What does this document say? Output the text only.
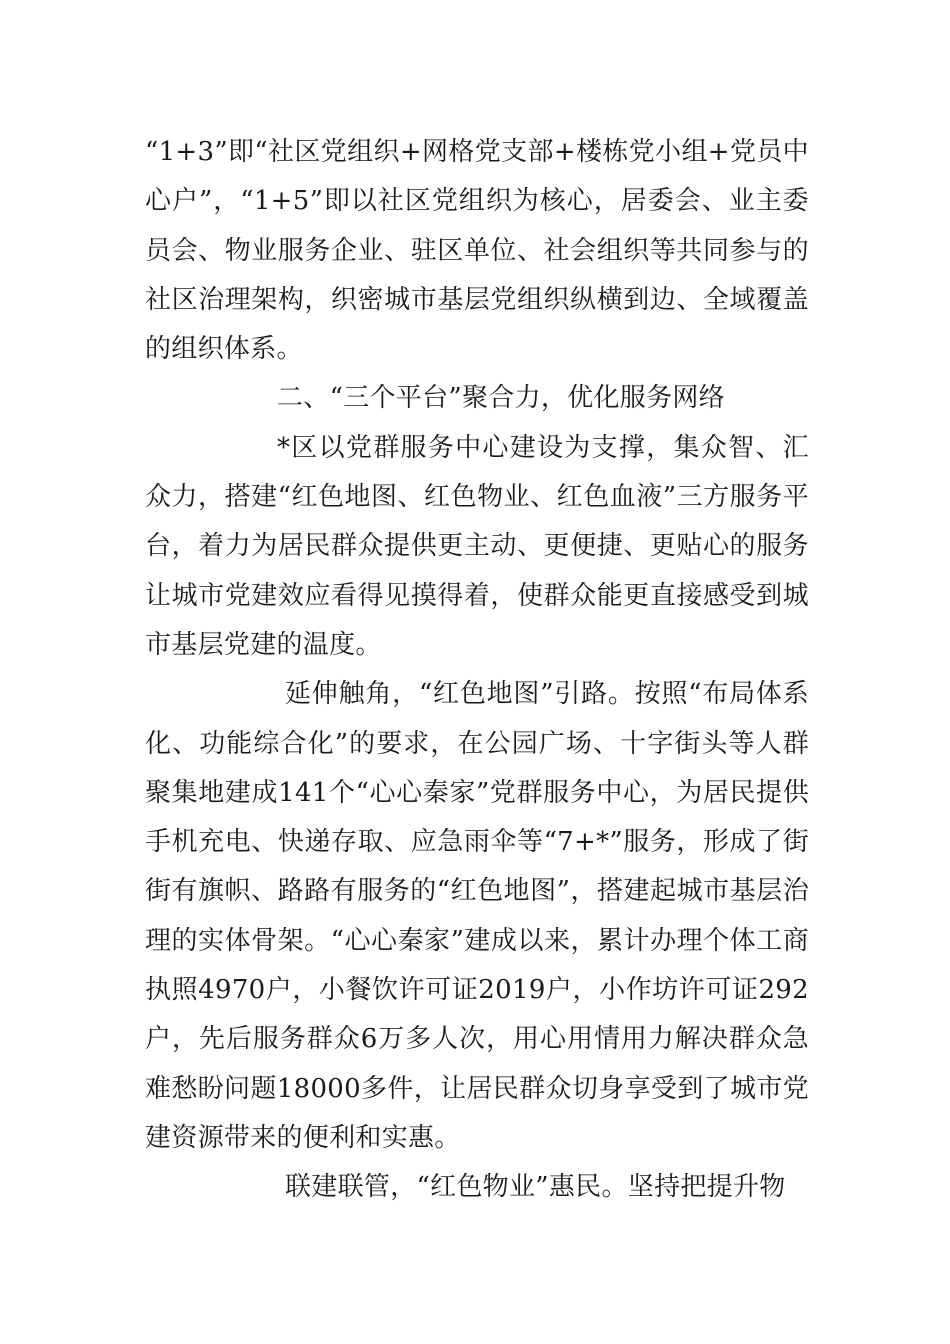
“1+3”即“社区党组织+网格党支部+楼栋党小组+党员中心户”，“1+5”即以社区党组织为核心，居委会、业主委员会、物业服务企业、驻区单位、社会组织等共同参与的社区治理架构，织密城市基层党组织纵横到边、全域覆盖的组织体系。

二、“三个平台”聚合力，优化服务网络

*区以党群服务中心建设为支撑，集众智、汇众力，搭建“红色地图、红色物业、红色血液”三方服务平台，着力为居民群众提供更主动、更便捷、更贴心的服务让城市党建效应看得见摸得着，使群众能更直接感受到城市基层党建的温度。

延伸触角，“红色地图”引路。按照“布局体系化、功能综合化”的要求，在公园广场、十字街头等人群聚集地建成141个“心心秦家”党群服务中心，为居民提供手机充电、快递存取、应急雨伞等“7+*”服务，形成了街街有旗帜、路路有服务的“红色地图”，搭建起城市基层治理的实体骨架。“心心秦家”建成以来，累计办理个体工商执照4970户，小餐饮许可证2019户，小作坊许可证292户，先后服务群众6万多人次，用心用情用力解决群众急难愁盼问题18000多件，让居民群众切身享受到了城市党建资源带来的便利和实惠。

联建联管，“红色物业”惠民。坚持把提升物
